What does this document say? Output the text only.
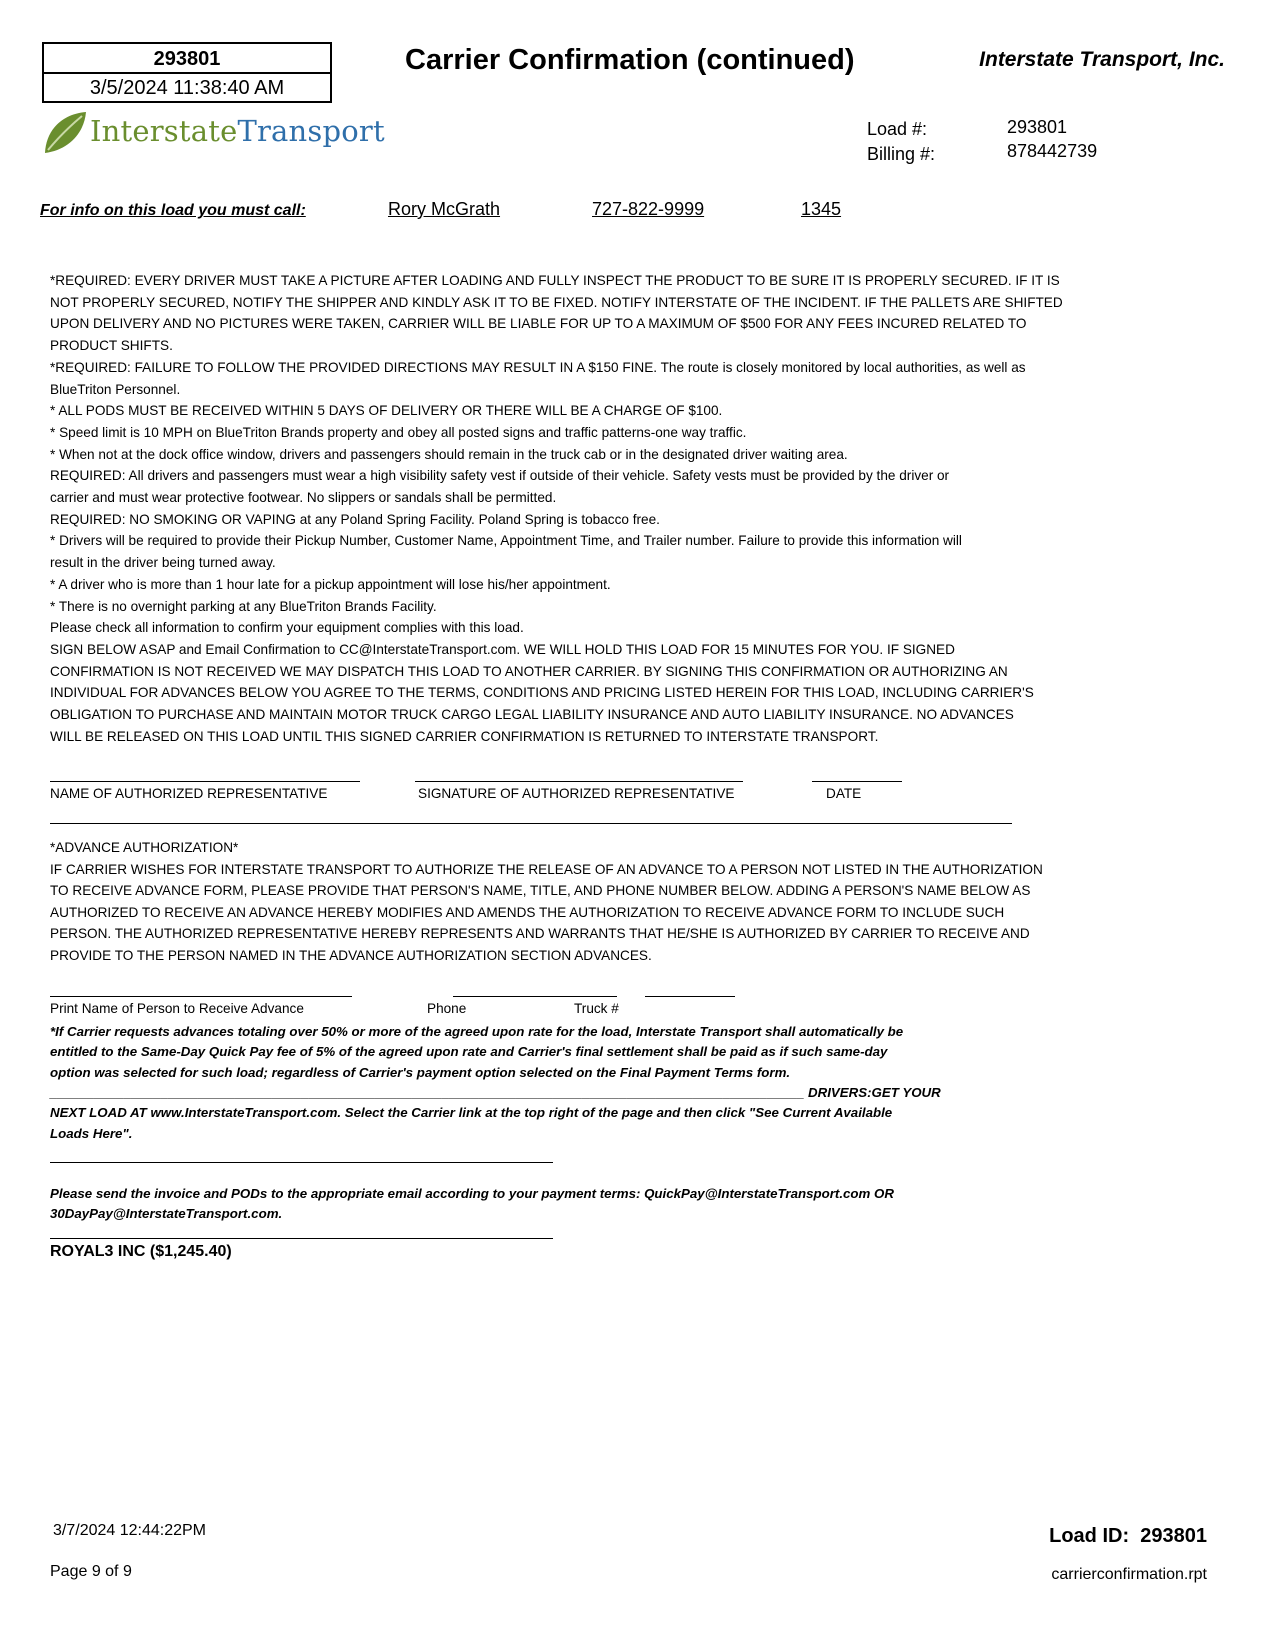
293801
3/5/2024 11:38:40 AM
Carrier Confirmation (continued)	Interstate Transport, Inc.
InterstateTransport	Load #:	293801
Billing #:	878442739
For info on this load you must call:	Rory McGrath	727-822-9999	1345

*REQUIRED: EVERY DRIVER MUST TAKE A PICTURE AFTER LOADING AND FULLY INSPECT THE PRODUCT TO BE SURE IT IS PROPERLY SECURED. IF IT IS
NOT PROPERLY SECURED, NOTIFY THE SHIPPER AND KINDLY ASK IT TO BE FIXED. NOTIFY INTERSTATE OF THE INCIDENT. IF THE PALLETS ARE SHIFTED
UPON DELIVERY AND NO PICTURES WERE TAKEN, CARRIER WILL BE LIABLE FOR UP TO A MAXIMUM OF $500 FOR ANY FEES INCURED RELATED TO
PRODUCT SHIFTS.

*REQUIRED: FAILURE TO FOLLOW THE PROVIDED DIRECTIONS MAY RESULT IN A $150 FINE. The route is closely monitored by local authorities, as well as
BlueTriton Personnel.

* ALL PODS MUST BE RECEIVED WITHIN 5 DAYS OF DELIVERY OR THERE WILL BE A CHARGE OF $100.

* Speed limit is 10 MPH on BlueTriton Brands property and obey all posted signs and traffic patterns-one way traffic.

* When not at the dock office window, drivers and passengers should remain in the truck cab or in the designated driver waiting area.

REQUIRED: All drivers and passengers must wear a high visibility safety vest if outside of their vehicle. Safety vests must be provided by the driver or
carrier and must wear protective footwear. No slippers or sandals shall be permitted.

REQUIRED: NO SMOKING OR VAPING at any Poland Spring Facility. Poland Spring is tobacco free.

* Drivers will be required to provide their Pickup Number, Customer Name, Appointment Time, and Trailer number. Failure to provide this information will
result in the driver being turned away.

* A driver who is more than 1 hour late for a pickup appointment will lose his/her appointment.

* There is no overnight parking at any BlueTriton Brands Facility.

Please check all information to confirm your equipment complies with this load.

SIGN BELOW ASAP and Email Confirmation to CC@InterstateTransport.com. WE WILL HOLD THIS LOAD FOR 15 MINUTES FOR YOU. IF SIGNED
CONFIRMATION IS NOT RECEIVED WE MAY DISPATCH THIS LOAD TO ANOTHER CARRIER. BY SIGNING THIS CONFIRMATION OR AUTHORIZING AN
INDIVIDUAL FOR ADVANCES BELOW YOU AGREE TO THE TERMS, CONDITIONS AND PRICING LISTED HEREIN FOR THIS LOAD, INCLUDING CARRIER'S
OBLIGATION TO PURCHASE AND MAINTAIN MOTOR TRUCK CARGO LEGAL LIABILITY INSURANCE AND AUTO LIABILITY INSURANCE. NO ADVANCES
WILL BE RELEASED ON THIS LOAD UNTIL THIS SIGNED CARRIER CONFIRMATION IS RETURNED TO INTERSTATE TRANSPORT.

NAME OF AUTHORIZED REPRESENTATIVE	SIGNATURE OF AUTHORIZED REPRESENTATIVE	DATE

*ADVANCE AUTHORIZATION*

IF CARRIER WISHES FOR INTERSTATE TRANSPORT TO AUTHORIZE THE RELEASE OF AN ADVANCE TO A PERSON NOT LISTED IN THE AUTHORIZATION
TO RECEIVE ADVANCE FORM, PLEASE PROVIDE THAT PERSON'S NAME, TITLE, AND PHONE NUMBER BELOW. ADDING A PERSON'S NAME BELOW AS
AUTHORIZED TO RECEIVE AN ADVANCE HEREBY MODIFIES AND AMENDS THE AUTHORIZATION TO RECEIVE ADVANCE FORM TO INCLUDE SUCH
PERSON. THE AUTHORIZED REPRESENTATIVE HEREBY REPRESENTS AND WARRANTS THAT HE/SHE IS AUTHORIZED BY CARRIER TO RECEIVE AND
PROVIDE TO THE PERSON NAMED IN THE ADVANCE AUTHORIZATION SECTION ADVANCES.

Print Name of Person to Receive Advance	Phone	Truck #

*If Carrier requests advances totaling over 50% or more of the agreed upon rate for the load, Interstate Transport shall automatically be
entitled to the Same-Day Quick Pay fee of 5% of the agreed upon rate and Carrier's final settlement shall be paid as if such same-day
option was selected for such load; regardless of Carrier's payment option selected on the Final Payment Terms form.

______________________________________________________________________________________________________ DRIVERS:GET YOUR
NEXT LOAD AT www.InterstateTransport.com. Select the Carrier link at the top right of the page and then click "See Current Available
Loads Here".

Please send the invoice and PODs to the appropriate email according to your payment terms: QuickPay@InterstateTransport.com OR
30DayPay@InterstateTransport.com.

ROYAL3 INC ($1,245.40)
3/7/2024 12:44:22PM
Page 9 of 9
Load ID: 293801
carrierconfirmation.rpt
